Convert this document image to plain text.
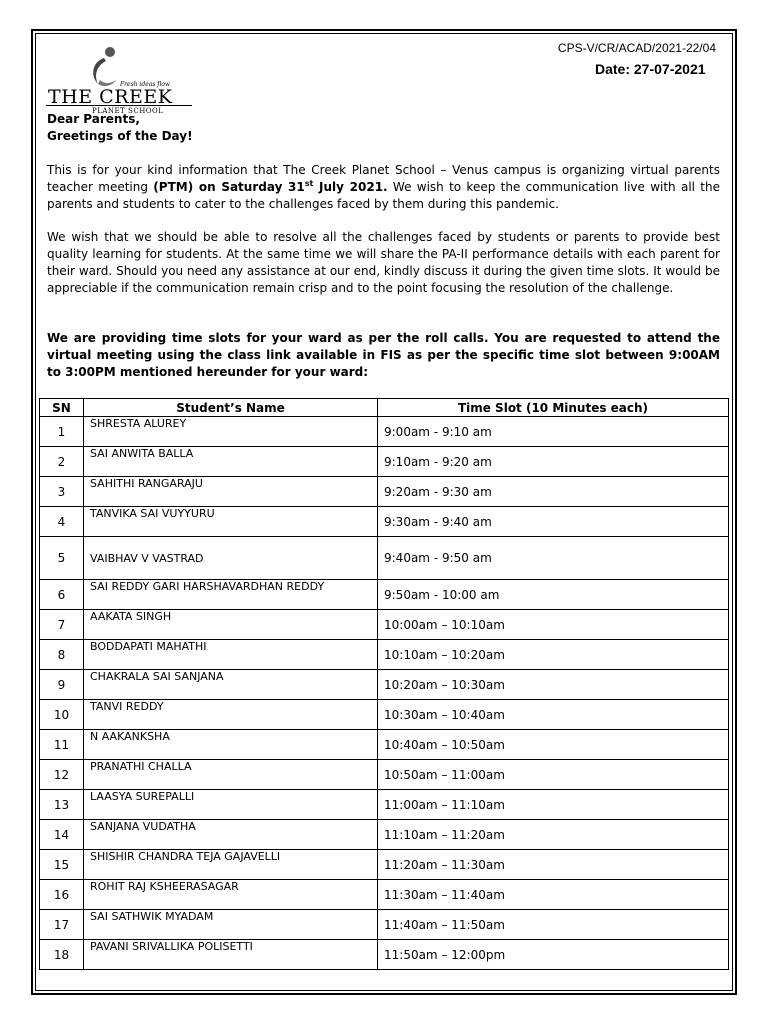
CPS-V/CR/ACAD/2021-22/04
Date: 27-07-2021
Fresh ideas flow
THE CREEK
PLANET SCHOOL
Dear Parents,
Greetings of the Day!

This is for your kind information that The Creek Planet School – Venus campus is organizing virtual parents teacher meeting (PTM) on Saturday 31st July 2021. We wish to keep the communication live with all the parents and students to cater to the challenges faced by them during this pandemic.

We wish that we should be able to resolve all the challenges faced by students or parents to provide best quality learning for students. At the same time we will share the PA-II performance details with each parent for their ward. Should you need any assistance at our end, kindly discuss it during the given time slots. It would be appreciable if the communication remain crisp and to the point focusing the resolution of the challenge.

We are providing time slots for your ward as per the roll calls. You are requested to attend the virtual meeting using the class link available in FIS as per the specific time slot between 9:00AM to 3:00PM mentioned hereunder for your ward:

SN	Student’s Name	Time Slot (10 Minutes each)
1	SHRESTA ALUREY	9:00am - 9:10 am
2	SAI ANWITA BALLA	9:10am - 9:20 am
3	SAHITHI RANGARAJU	9:20am - 9:30 am
4	TANVIKA SAI VUYYURU	9:30am - 9:40 am
5	VAIBHAV V VASTRAD	9:40am - 9:50 am
6	SAI REDDY GARI HARSHAVARDHAN REDDY	9:50am - 10:00 am
7	AAKATA SINGH	10:00am – 10:10am
8	BODDAPATI MAHATHI	10:10am – 10:20am
9	CHAKRALA SAI SANJANA	10:20am – 10:30am
10	TANVI REDDY	10:30am – 10:40am
11	N AAKANKSHA	10:40am – 10:50am
12	PRANATHI CHALLA	10:50am – 11:00am
13	LAASYA SUREPALLI	11:00am – 11:10am
14	SANJANA VUDATHA	11:10am – 11:20am
15	SHISHIR CHANDRA TEJA GAJAVELLI	11:20am – 11:30am
16	ROHIT RAJ KSHEERASAGAR	11:30am – 11:40am
17	SAI SATHWIK MYADAM	11:40am – 11:50am
18	PAVANI SRIVALLIKA POLISETTI	11:50am – 12:00pm
